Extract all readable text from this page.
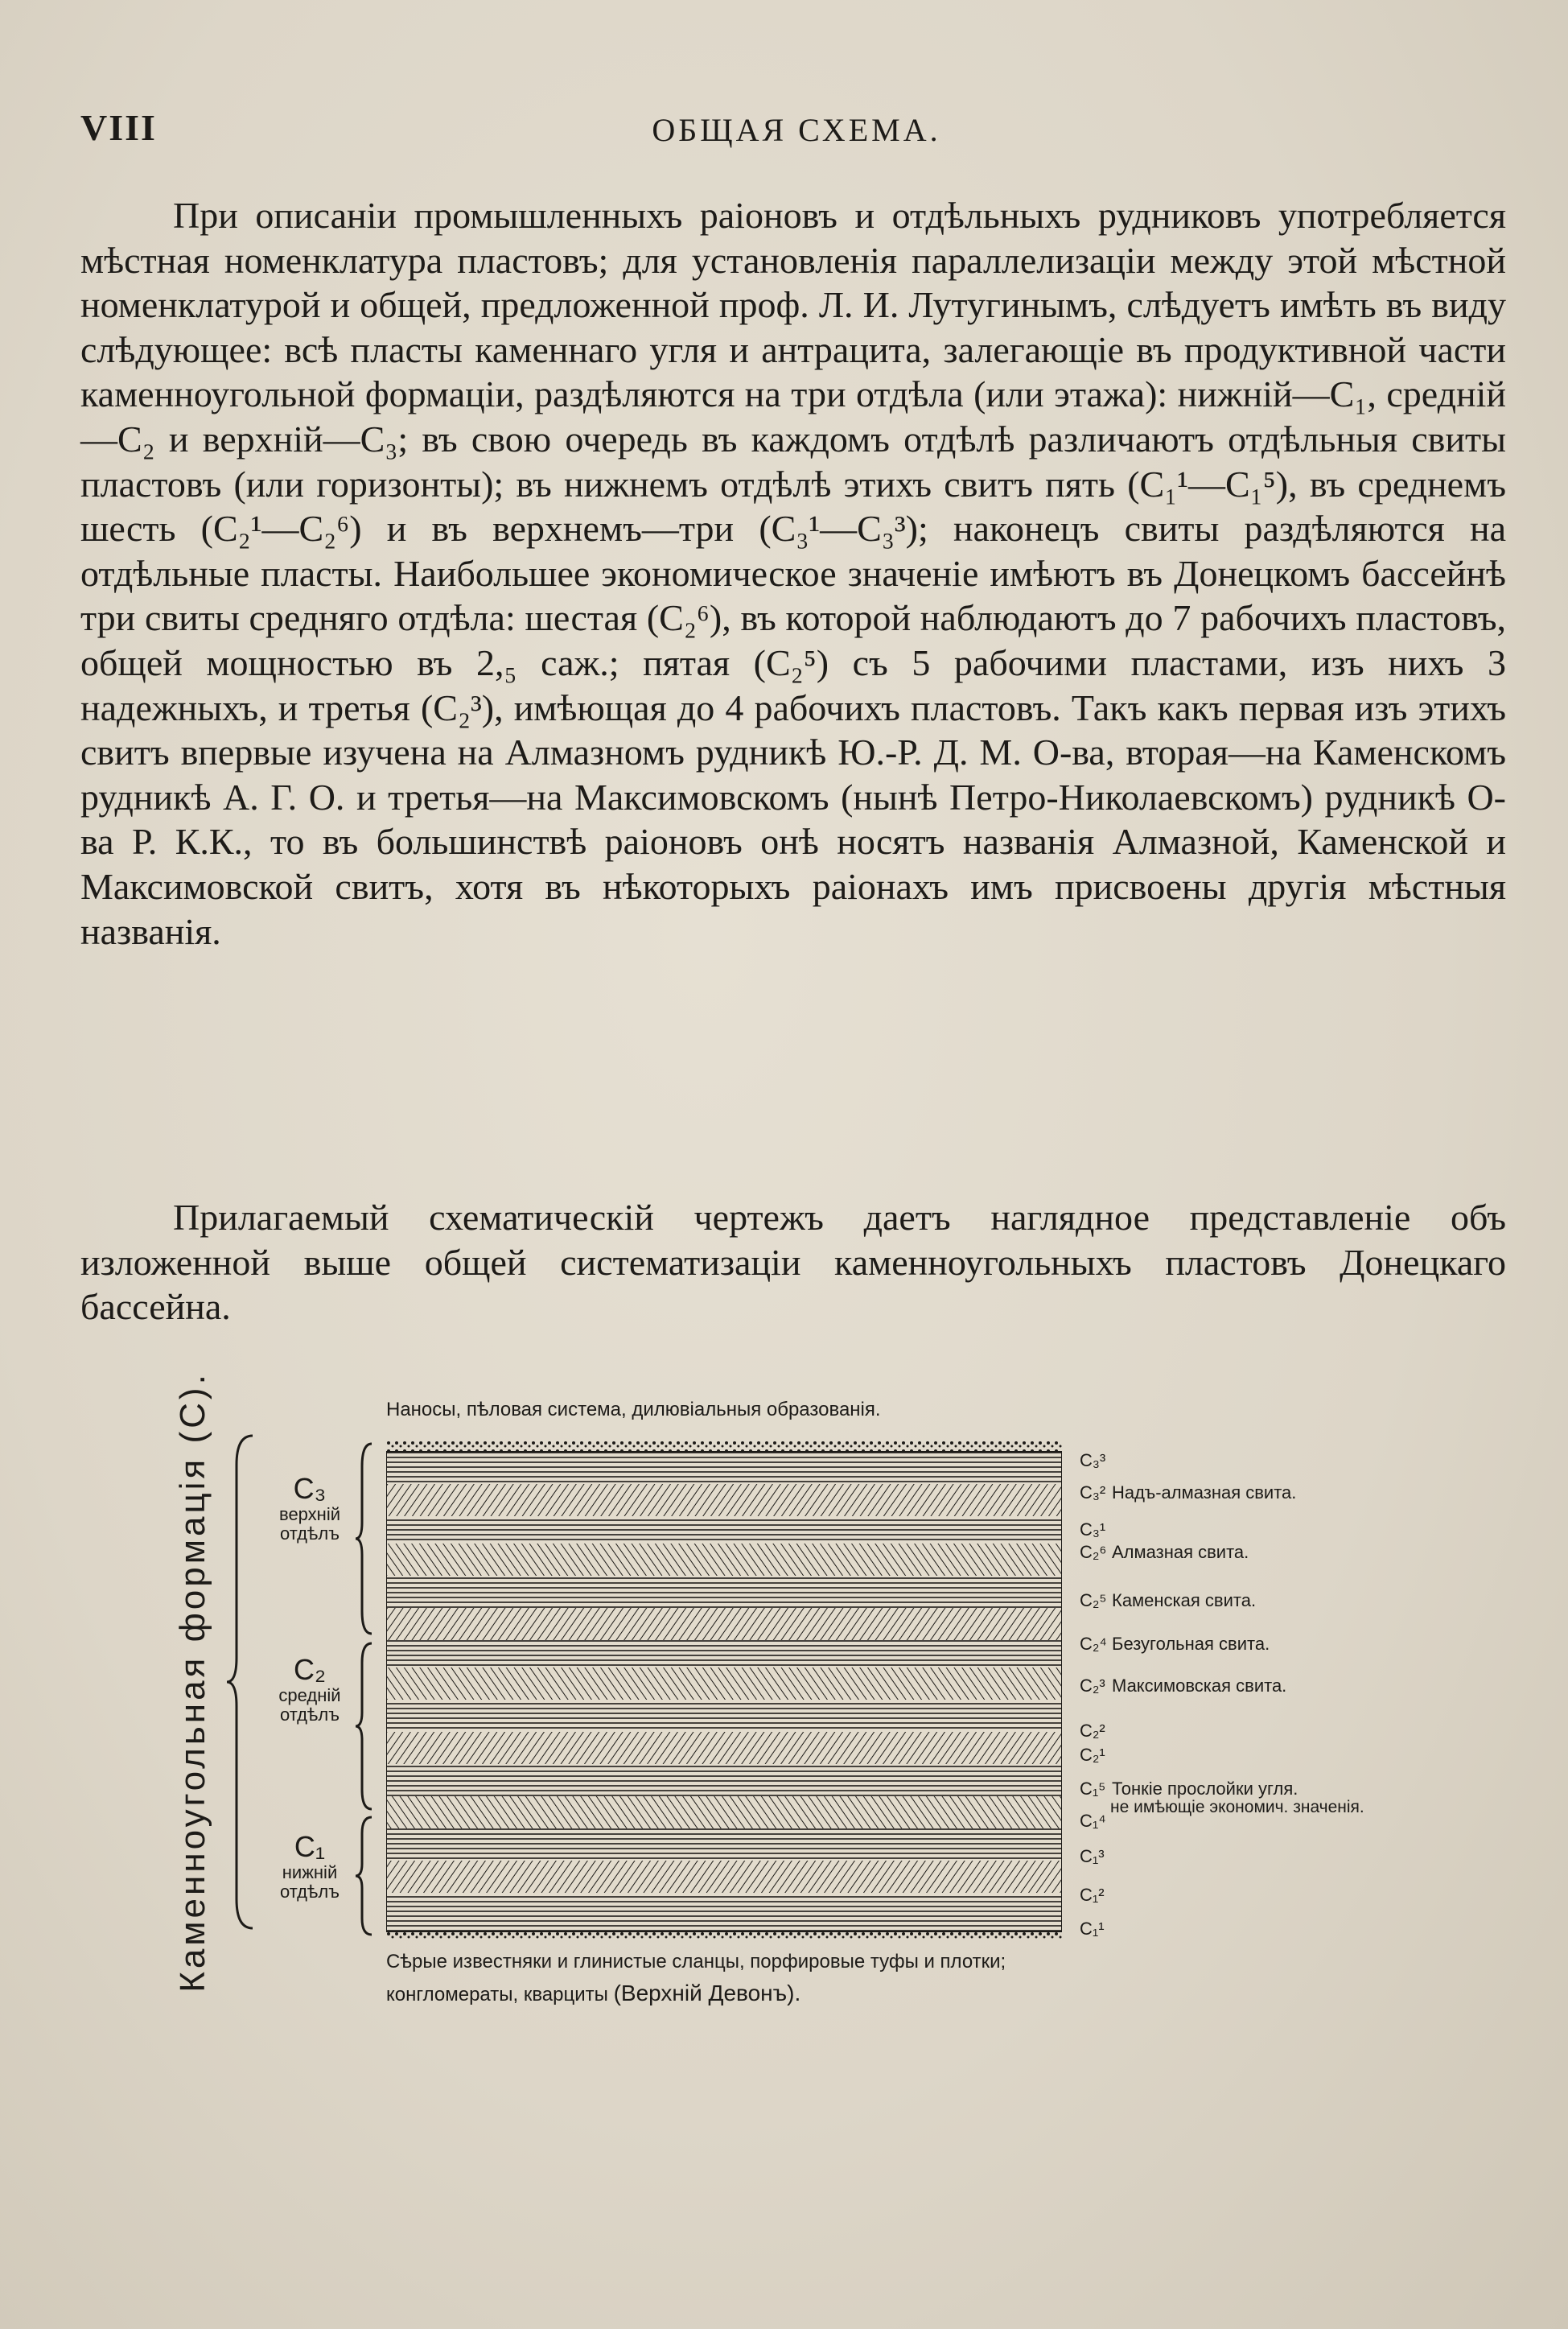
VIII	ОБЩАЯ СХЕМА.

При описаніи промышленныхъ раіоновъ и отдѣльныхъ рудниковъ употребляется мѣстная номенклатура пластовъ; для установленія параллелизаціи между этой мѣстной номенклатурой и общей, предложенной проф. Л. И. Лутугинымъ, слѣдуетъ имѣть въ виду слѣдующее: всѣ пласты каменнаго угля и антрацита, залегающіе въ продуктивной части каменноугольной формаціи, раздѣляются на три отдѣла (или этажа): нижній—C₁, средній—C₂ и верхній—C₃; въ свою очередь въ каждомъ отдѣлѣ различаютъ отдѣльныя свиты пластовъ (или горизонты); въ нижнемъ отдѣлѣ этихъ свитъ пять (C₁¹—C₁⁵), въ среднемъ шесть (C₂¹—C₂⁶) и въ верхнемъ—три (C₃¹—C₃³); наконецъ свиты раздѣляются на отдѣльные пласты. Наибольшее экономическое значеніе имѣютъ въ Донецкомъ бассейнѣ три свиты средняго отдѣла: шестая (C₂⁶), въ которой наблюдаютъ до 7 рабочихъ пластовъ, общей мощностью въ 2,₅ саж.; пятая (C₂⁵) съ 5 рабочими пластами, изъ нихъ 3 надежныхъ, и третья (C₂³), имѣющая до 4 рабочихъ пластовъ. Такъ какъ первая изъ этихъ свитъ впервые изучена на Алмазномъ рудникѣ Ю.-Р. Д. М. О-ва, вторая—на Каменскомъ рудникѣ А. Г. О. и третья—на Максимовскомъ (нынѣ Петро-Николаевскомъ) рудникѣ О-ва Р. К.К., то въ большинствѣ раіоновъ онѣ носятъ названія Алмазной, Каменской и Максимовской свитъ, хотя въ нѣкоторыхъ раіонахъ имъ присвоены другія мѣстныя названія.

Прилагаемый схематическій чертежъ даетъ наглядное представленіе объ изложенной выше общей систематизаціи каменноугольныхъ пластовъ Донецкаго бассейна.

Каменноугольная формація (C).	C₃
верхній
отдѣлъ
C₂
средній
отдѣлъ
C₁
нижній
отдѣлъ
Наносы, пѣловая система, дилювіальныя образованія.
C₃³
C₃² Надъ-алмазная свита.
C₃¹
C₂⁶ Алмазная свита.
C₂⁵ Каменская свита.
C₂⁴ Безугольная свита.
C₂³ Максимовская свита.
C₂²
C₂¹
C₁⁵ Тонкіе прослойки угля.
C₁⁴
C₁³
C₁²
C₁¹
не имѣющіе экономич. значенія.
Сѣрые известняки и глинистые сланцы, порфировые туфы и плотки;
конгломераты, кварциты (Верхній Девонъ).
